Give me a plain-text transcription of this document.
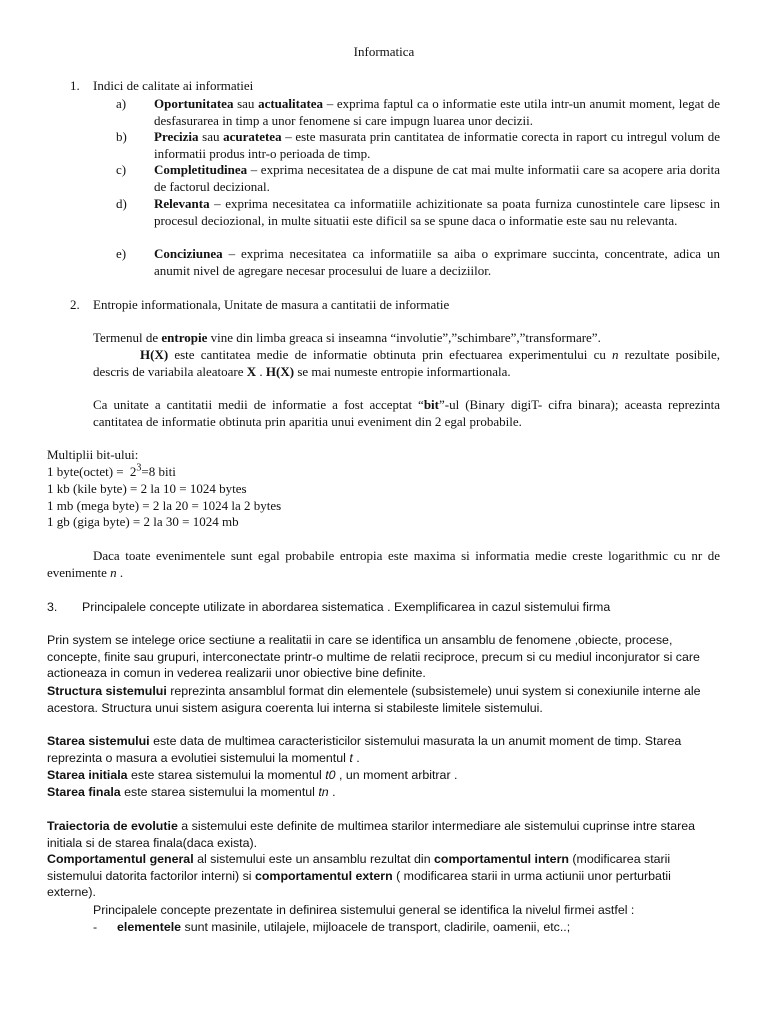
Informatica
1. Indici de calitate ai informatiei
a) Oportunitatea sau actualitatea – exprima faptul ca o informatie este utila intr-un anumit moment, legat de desfasurarea in timp a unor fenomene si care impugn luarea unor decizii.
b) Precizia sau acuratetea – este masurata prin cantitatea de informatie corecta in raport cu intregul volum de informatii produs intr-o perioada de timp.
c) Completitudinea – exprima necesitatea de a dispune de cat mai multe informatii care sa acopere aria dorita de factorul decizional.
d) Relevanta – exprima necesitatea ca informatiile achizitionate sa poata furniza cunostintele care lipsesc in procesul deciozional, in multe situatii este dificil sa se spune daca o informatie este sau nu relevanta.
e) Conciziunea – exprima necesitatea ca informatiile sa aiba o exprimare succinta, concentrate, adica un anumit nivel de agregare necesar procesului de luare a deciziilor.
2. Entropie informationala, Unitate de masura a cantitatii de informatie
Termenul de entropie vine din limba greaca si inseamna “involutie”,”schimbare”,”transformare”.
H(X) este cantitatea medie de informatie obtinuta prin efectuarea experimentului cu n rezultate posibile, descris de variabila aleatoare X . H(X) se mai numeste entropie informartionala.
Ca unitate a cantitatii medii de informatie a fost acceptat “bit”-ul (Binary digiT- cifra binara); aceasta reprezinta cantitatea de informatie obtinuta prin aparitia unui eveniment din 2 egal probabile.
Multiplii bit-ului:
1 byte(octet) = $2^3=8$ biti
1 kb (kile byte) = 2 la 10 = 1024 bytes
1 mb (mega byte) = 2 la 20 = 1024 la 2 bytes
1 gb (giga byte) = 2 la 30 = 1024 mb
Daca toate evenimentele sunt egal probabile entropia este maxima si informatia medie creste logarithmic cu nr de evenimente n .
3. Principalele concepte utilizate in abordarea sistematica . Exemplificarea in cazul sistemului firma
Prin system se intelege orice sectiune a realitatii in care se identifica un ansamblu de fenomene ,obiecte, procese, concepte, finite sau grupuri, interconectate printr-o multime de relatii reciproce, precum si cu mediul inconjurator si care actioneaza in comun in vederea realizarii unor obiective bine definite.
Structura sistemului reprezinta ansamblul format din elementele (subsistemele) unui system si conexiunile interne ale acestora. Structura unui sistem asigura coerenta lui interna si stabileste limitele sistemului.
Starea sistemului este data de multimea caracteristicilor sistemului masurata la un anumit moment de timp. Starea reprezinta o masura a evolutiei sistemului la momentul t .
Starea initiala este starea sistemului la momentul t0 , un moment arbitrar .
Starea finala este starea sistemului la momentul tn .
Traiectoria de evolutie a sistemului este definite de multimea starilor intermediare ale sistemului cuprinse intre starea initiala si de starea finala(daca exista).
Comportamentul general al sistemului este un ansamblu rezultat din comportamentul intern (modificarea starii sistemului datorita factorilor interni) si comportamentul extern ( modificarea starii in urma actiunii unor perturbatii externe).
Principalele concepte prezentate in definirea sistemului general se identifica la nivelul firmei astfel :
- elementele sunt masinile, utilajele, mijloacele de transport, cladirile, oamenii, etc..;
